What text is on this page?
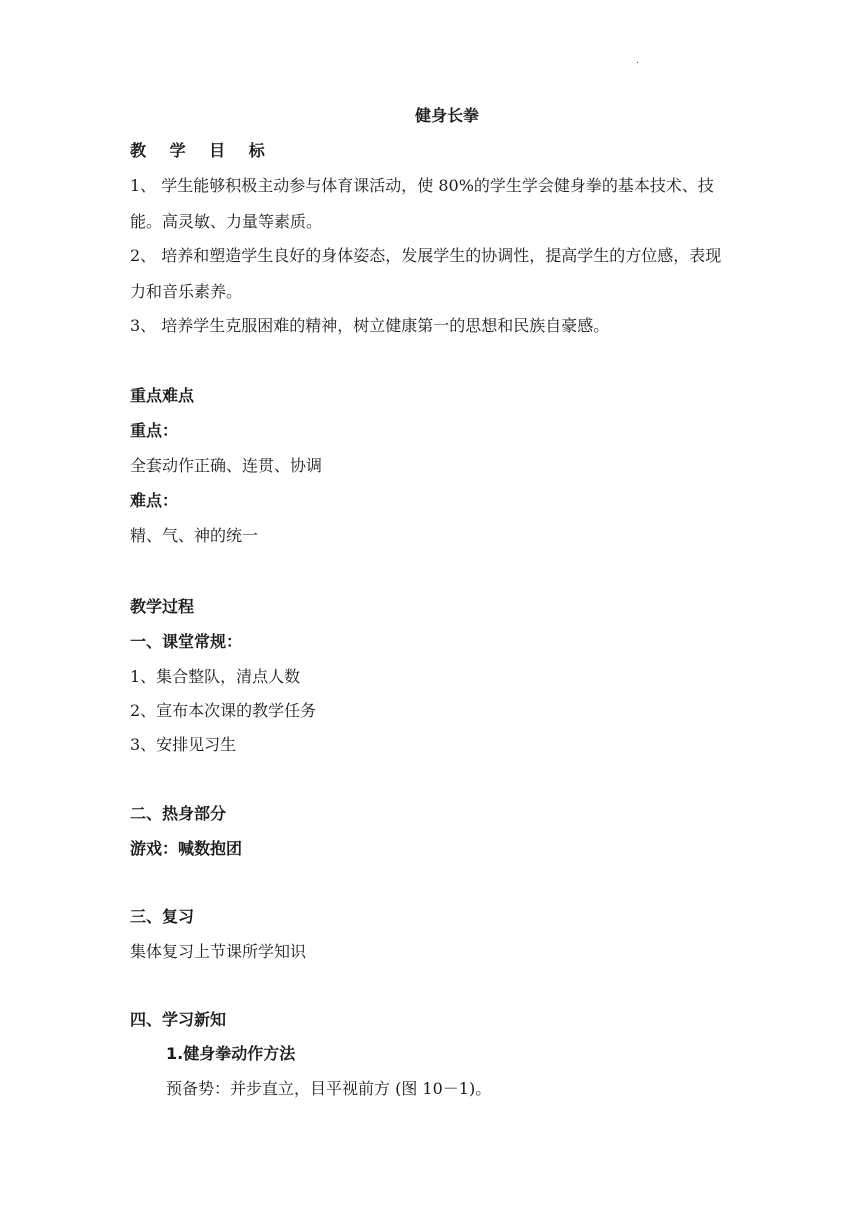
·
健身长拳
教 学 目 标
1、 学生能够积极主动参与体育课活动，使 80%的学生学会健身拳的基本技术、技能。高灵敏、力量等素质。
2、 培养和塑造学生良好的身体姿态，发展学生的协调性，提高学生的方位感，表现力和音乐素养。
3、 培养学生克服困难的精神，树立健康第一的思想和民族自豪感。
重点难点
重点：
全套动作正确、连贯、协调
难点：
精、气、神的统一
教学过程
一、课堂常规：
1、集合整队，清点人数
2、宣布本次课的教学任务
3、安排见习生
二、热身部分
游戏：喊数抱团
三、复习
集体复习上节课所学知识
四、学习新知
1.健身拳动作方法
预备势：并步直立，目平视前方 (图 10－1)。
